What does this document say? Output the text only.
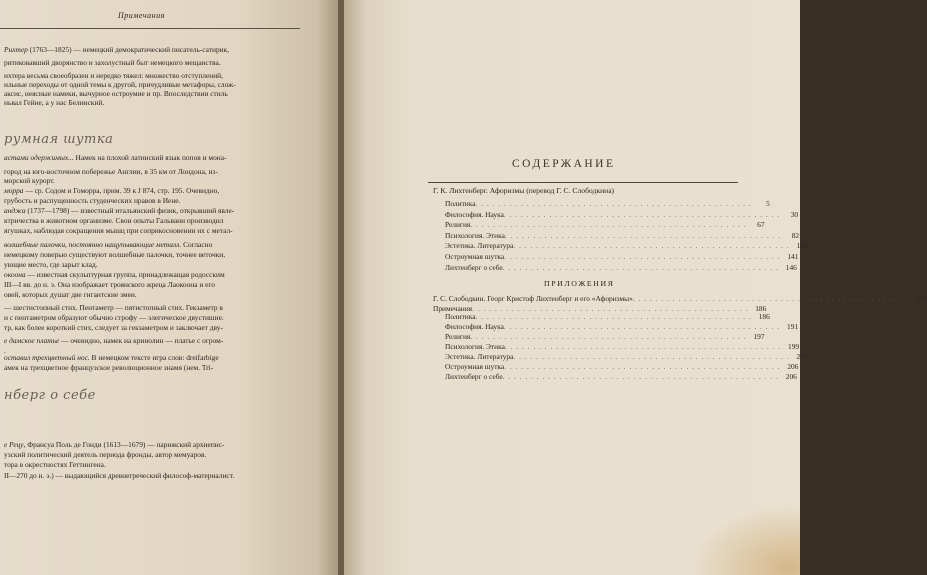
Примечания
Рихтер (1763—1825) — немецкий демократический писатель-сатирик,
ритиковавший дворянство и захолустный быт немецкого мещанства.
ихтера весьма своеобразен и нередко тяжел: множество отступлений,
ильные переходы от одной темы к другой, причудливые метафоры, слож-
аксис, неясные намеки, вычурное остроумие и пр. Впоследствии стиль
ньвал Гейне, а у нас Белинский.
астами одержимых... Намек на плохой латинский язык попов и мона-
город на юго-восточном побережье Англии, в 35 км от Лондона, из-
морской курорт.
морра — ср. Содом и Гоморра, прим. 39 к J 874, стр. 195. Очевидно,
грубость и распущенность студенческих нравов в Иене.
анджа (1737—1798) — известный итальянский физик, открывший явле-
ктричества в животном организме. Свои опыты Гальвани производил
ягушках, наблюдая сокращения мышц при соприкосновении их с метал-
волшебные палочки, постоянно нащупывающие металл. Согласно
немецкому поверью существуют волшебные палочки, точнее веточки,
ующие место, где зарыт клад.
окоона — известная скульптурная группа, принадлежащая родосским
III—I вв. до н. э. Она изображает троянского жреца Лаокоона и его
овей, которых душат две гигантские змеи.
— шестистопный стих. Пентаметр — пятистопный стих. Гекзаметр в
и с пентаметром образуют обычно строфу — элегическое двустишие.
тр, как более короткий стих, следует за гекзаметром и заключает дву-
е дамское платье — очевидно, намек на кринолин — платье с огром-
.
оставил трехцветный нос. В немецком тексте игра слов: dreifarbige
амек на трехцветное французское революционное знамя (нем. Tri-
е Рецу, Франсуа Поль де Гонди (1613—1679) — парижский архиепис-
узский политический деятель периода фронды, автор мемуаров.
тора в окрестностях Геттингена.
II—270 до н. э.) — выдающийся древнегреческий философ-материалист.
румная шутка
нберг о себе
СОДЕРЖАНИЕ
Г. К. Лихтенберг. Афоризмы (перевод Г. С. Слободкина)
Политика . . . . . . . . . . . . . . . . . . . . . . . . . . . . . . . . . . . . . . . . . . . . . . . . .	5
Философия. Наука . . . . . . . . . . . . . . . . . . . . . . . . . . . . . . . . . . . . . . . . . . . . . . . . .	30
Религия . . . . . . . . . . . . . . . . . . . . . . . . . . . . . . . . . . . . . . . . . . . . . . . . .	67
Психология. Этика . . . . . . . . . . . . . . . . . . . . . . . . . . . . . . . . . . . . . . . . . . . . . . . . .	82
Эстетика. Литература . . . . . . . . . . . . . . . . . . . . . . . . . . . . . . . . . . . . . . . . . . . . . . . . . 108
Остроумная шутка . . . . . . . . . . . . . . . . . . . . . . . . . . . . . . . . . . . . . . . . . . . . . . . . . 141
Лихтенберг о себе . . . . . . . . . . . . . . . . . . . . . . . . . . . . . . . . . . . . . . . . . . . . . . . . . 146
ПРИЛОЖЕНИЯ
Г. С. Слободкин. Георг Кристоф Лихтенберг и его «Афоризмы» . . . . . . . . . . . . . . . . . . . . . . . . . . . . . . . . . . . . . . . . . . . . . . . . . 155
Примечания . . . . . . . . . . . . . . . . . . . . . . . . . . . . . . . . . . . . . . . . . . . . . . . . . 186
Политика . . . . . . . . . . . . . . . . . . . . . . . . . . . . . . . . . . . . . . . . . . . . . . . . . 186
Философия. Наука . . . . . . . . . . . . . . . . . . . . . . . . . . . . . . . . . . . . . . . . . . . . . . . . . 191
Религия . . . . . . . . . . . . . . . . . . . . . . . . . . . . . . . . . . . . . . . . . . . . . . . . . 197
Психология. Этика . . . . . . . . . . . . . . . . . . . . . . . . . . . . . . . . . . . . . . . . . . . . . . . . . 199
Эстетика. Литература . . . . . . . . . . . . . . . . . . . . . . . . . . . . . . . . . . . . . . . . . . . . . . . . . 202
Остроумная шутка . . . . . . . . . . . . . . . . . . . . . . . . . . . . . . . . . . . . . . . . . . . . . . . . . 206
Лихтенберг о себе . . . . . . . . . . . . . . . . . . . . . . . . . . . . . . . . . . . . . . . . . . . . . . . . . 206
